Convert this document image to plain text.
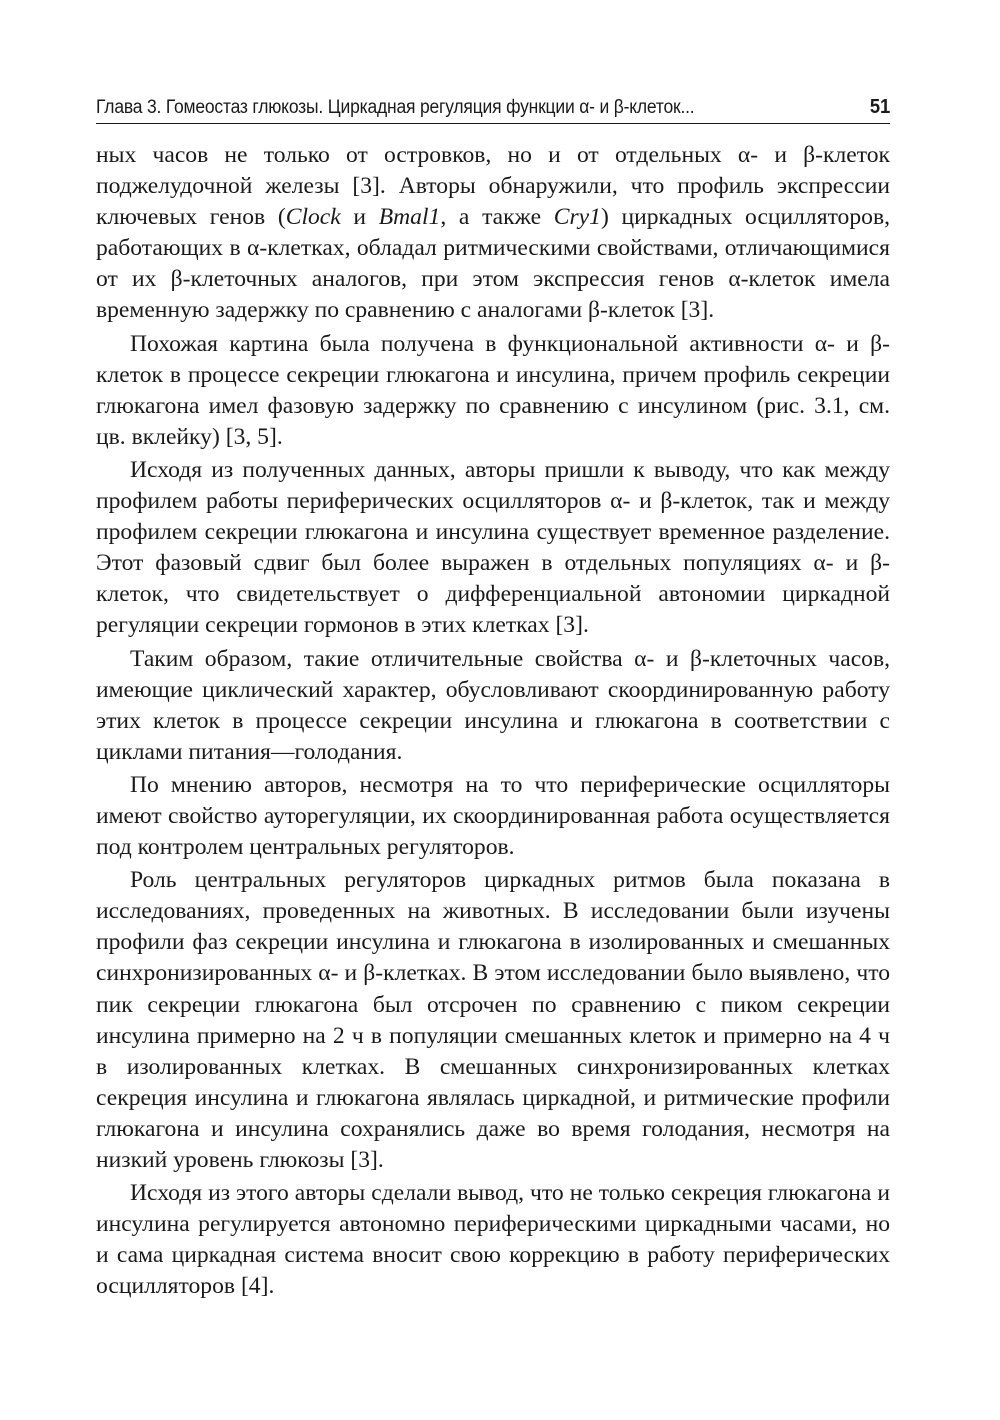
Глава 3. Гомеостаз глюкозы. Циркадная регуляция функции α- и β-клеток...	51

ных часов не только от островков, но и от отдельных α- и β-клеток поджелудочной железы [3]. Авторы обнаружили, что профиль экспрессии ключевых генов (Clock и Bmal1, а также Cry1) циркадных осцилляторов, работающих в α-клетках, обладал ритмическими свойствами, отличающимися от их β-клеточных аналогов, при этом экспрессия генов α-клеток имела временную задержку по сравнению с аналогами β-клеток [3].

Похожая картина была получена в функциональной активности α- и β-клеток в процессе секреции глюкагона и инсулина, причем профиль секреции глюкагона имел фазовую задержку по сравнению с инсулином (рис. 3.1, см. цв. вклейку) [3, 5].

Исходя из полученных данных, авторы пришли к выводу, что как между профилем работы периферических осцилляторов α- и β-клеток, так и между профилем секреции глюкагона и инсулина существует временное разделение. Этот фазовый сдвиг был более выражен в отдельных популяциях α- и β-клеток, что свидетельствует о дифференциальной автономии циркадной регуляции секреции гормонов в этих клетках [3].

Таким образом, такие отличительные свойства α- и β-клеточных часов, имеющие циклический характер, обусловливают скоординированную работу этих клеток в процессе секреции инсулина и глюкагона в соответствии с циклами питания—голодания.

По мнению авторов, несмотря на то что периферические осцилляторы имеют свойство ауторегуляции, их скоординированная работа осуществляется под контролем центральных регуляторов.

Роль центральных регуляторов циркадных ритмов была показана в исследованиях, проведенных на животных. В исследовании были изучены профили фаз секреции инсулина и глюкагона в изолированных и смешанных синхронизированных α- и β-клетках. В этом исследовании было выявлено, что пик секреции глюкагона был отсрочен по сравнению с пиком секреции инсулина примерно на 2 ч в популяции смешанных клеток и примерно на 4 ч в изолированных клетках. В смешанных синхронизированных клетках секреция инсулина и глюкагона являлась циркадной, и ритмические профили глюкагона и инсулина сохранялись даже во время голодания, несмотря на низкий уровень глюкозы [3].

Исходя из этого авторы сделали вывод, что не только секреция глюкагона и инсулина регулируется автономно периферическими циркадными часами, но и сама циркадная система вносит свою коррекцию в работу периферических осцилляторов [4].
